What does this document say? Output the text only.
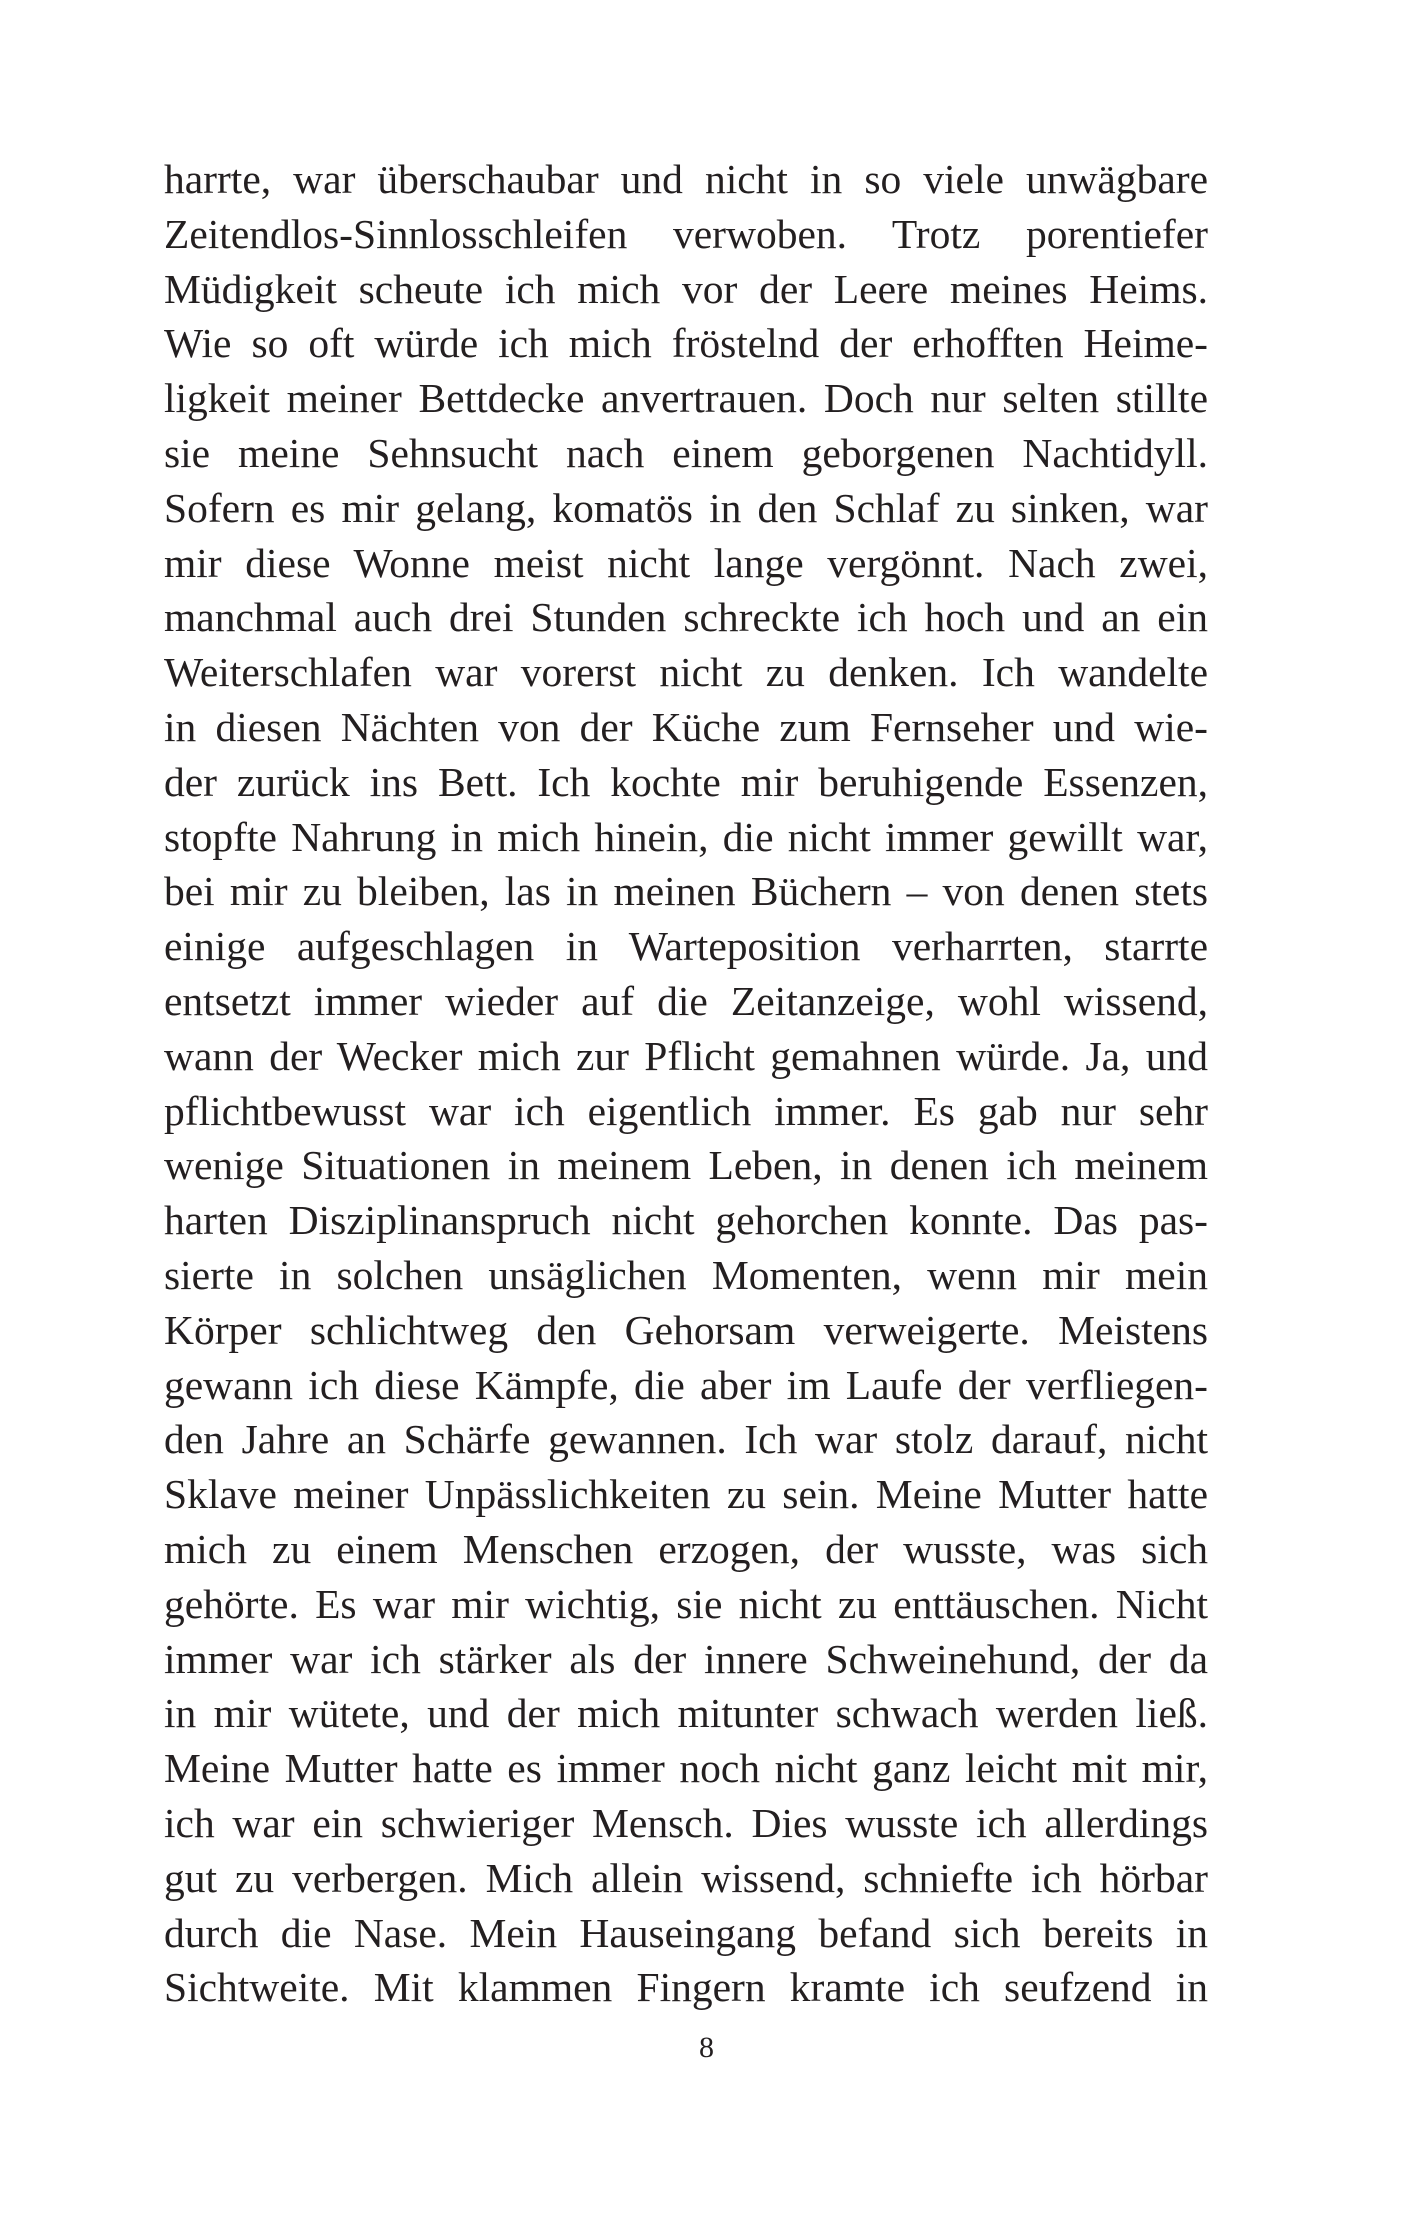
harrte, war überschaubar und nicht in so viele unwägbare
Zeitendlos-Sinnlosschleifen verwoben. Trotz porentiefer
Müdigkeit scheute ich mich vor der Leere meines Heims.
Wie so oft würde ich mich fröstelnd der erhofften Heime-
ligkeit meiner Bettdecke anvertrauen. Doch nur selten stillte
sie meine Sehnsucht nach einem geborgenen Nachtidyll.
Sofern es mir gelang, komatös in den Schlaf zu sinken, war
mir diese Wonne meist nicht lange vergönnt. Nach zwei,
manchmal auch drei Stunden schreckte ich hoch und an ein
Weiterschlafen war vorerst nicht zu denken. Ich wandelte
in diesen Nächten von der Küche zum Fernseher und wie-
der zurück ins Bett. Ich kochte mir beruhigende Essenzen,
stopfte Nahrung in mich hinein, die nicht immer gewillt war,
bei mir zu bleiben, las in meinen Büchern – von denen stets
einige aufgeschlagen in Warteposition verharrten, starrte
entsetzt immer wieder auf die Zeitanzeige, wohl wissend,
wann der Wecker mich zur Pflicht gemahnen würde. Ja, und
pflichtbewusst war ich eigentlich immer. Es gab nur sehr
wenige Situationen in meinem Leben, in denen ich meinem
harten Disziplinanspruch nicht gehorchen konnte. Das pas-
sierte in solchen unsäglichen Momenten, wenn mir mein
Körper schlichtweg den Gehorsam verweigerte. Meistens
gewann ich diese Kämpfe, die aber im Laufe der verfliegen-
den Jahre an Schärfe gewannen. Ich war stolz darauf, nicht
Sklave meiner Unpässlichkeiten zu sein. Meine Mutter hatte
mich zu einem Menschen erzogen, der wusste, was sich
gehörte. Es war mir wichtig, sie nicht zu enttäuschen. Nicht
immer war ich stärker als der innere Schweinehund, der da
in mir wütete, und der mich mitunter schwach werden ließ.
Meine Mutter hatte es immer noch nicht ganz leicht mit mir,
ich war ein schwieriger Mensch. Dies wusste ich allerdings
gut zu verbergen. Mich allein wissend, schniefte ich hörbar
durch die Nase. Mein Hauseingang befand sich bereits in
Sichtweite. Mit klammen Fingern kramte ich seufzend in
8
